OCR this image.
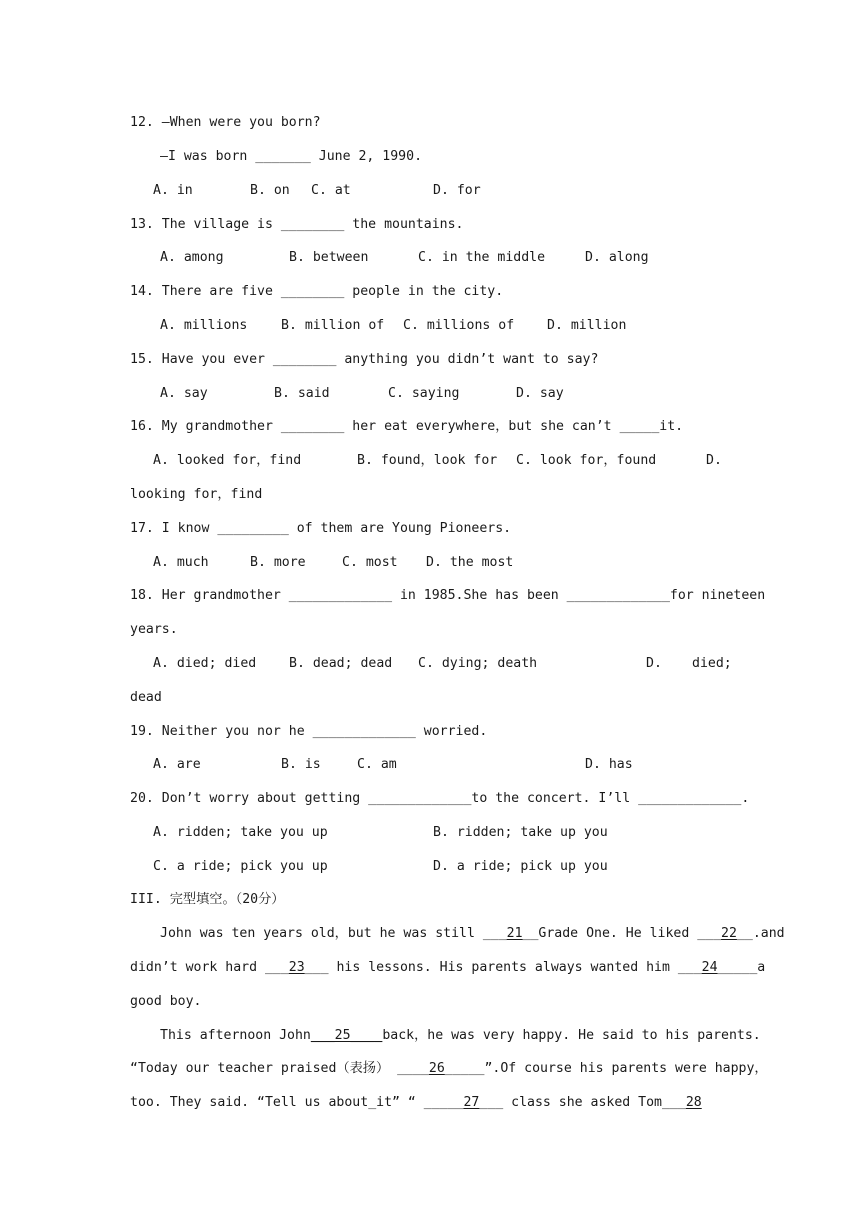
12. —When were you born?
—I was born _______ June 2, 1990.
A. in	B. on C. at	D. for
13. The village is ________ the mountains.
A. among	B. between	C. in the middle	D. along
14. There are five ________ people in the city.
A. millions	B. million of C. millions of D. million
15. Have you ever ________ anything you didn’t want to say?
A. say	B. said	C. saying	D. say
16. My grandmother ________ her eat everywhere，but she can’t _____it.
A. looked for，find	B. found，look for C. look for，found	D.
looking for，find
17. I know _________ of them are Young Pioneers.
A. much	B. more	C. most D. the most
18. Her grandmother _____________ in 1985.She has been _____________for nineteen
years.
A. died; died B. dead; dead C. dying; death	D. died;
dead
19. Neither you nor he _____________ worried.
A. are	B. is	C. am	D. has
20. Don’t worry about getting _____________to the concert. I’ll _____________.
A. ridden; take you up	B. ridden; take up you
C. a ride; pick you up	D. a ride; pick up you
III. 完型填空。（20分）
John was ten years old，but he was still ___21__Grade One. He liked ___22__.and
didn’t work hard ___23___ his lessons. His parents always wanted him ___24_____a
good boy.
This afternoon John___25____back，he was very happy. He said to his parents.
“Today our teacher praised（表扬） ____26_____”.Of course his parents were happy，
too. They said. “Tell us about_it” “ _____27___ class she asked Tom___28
